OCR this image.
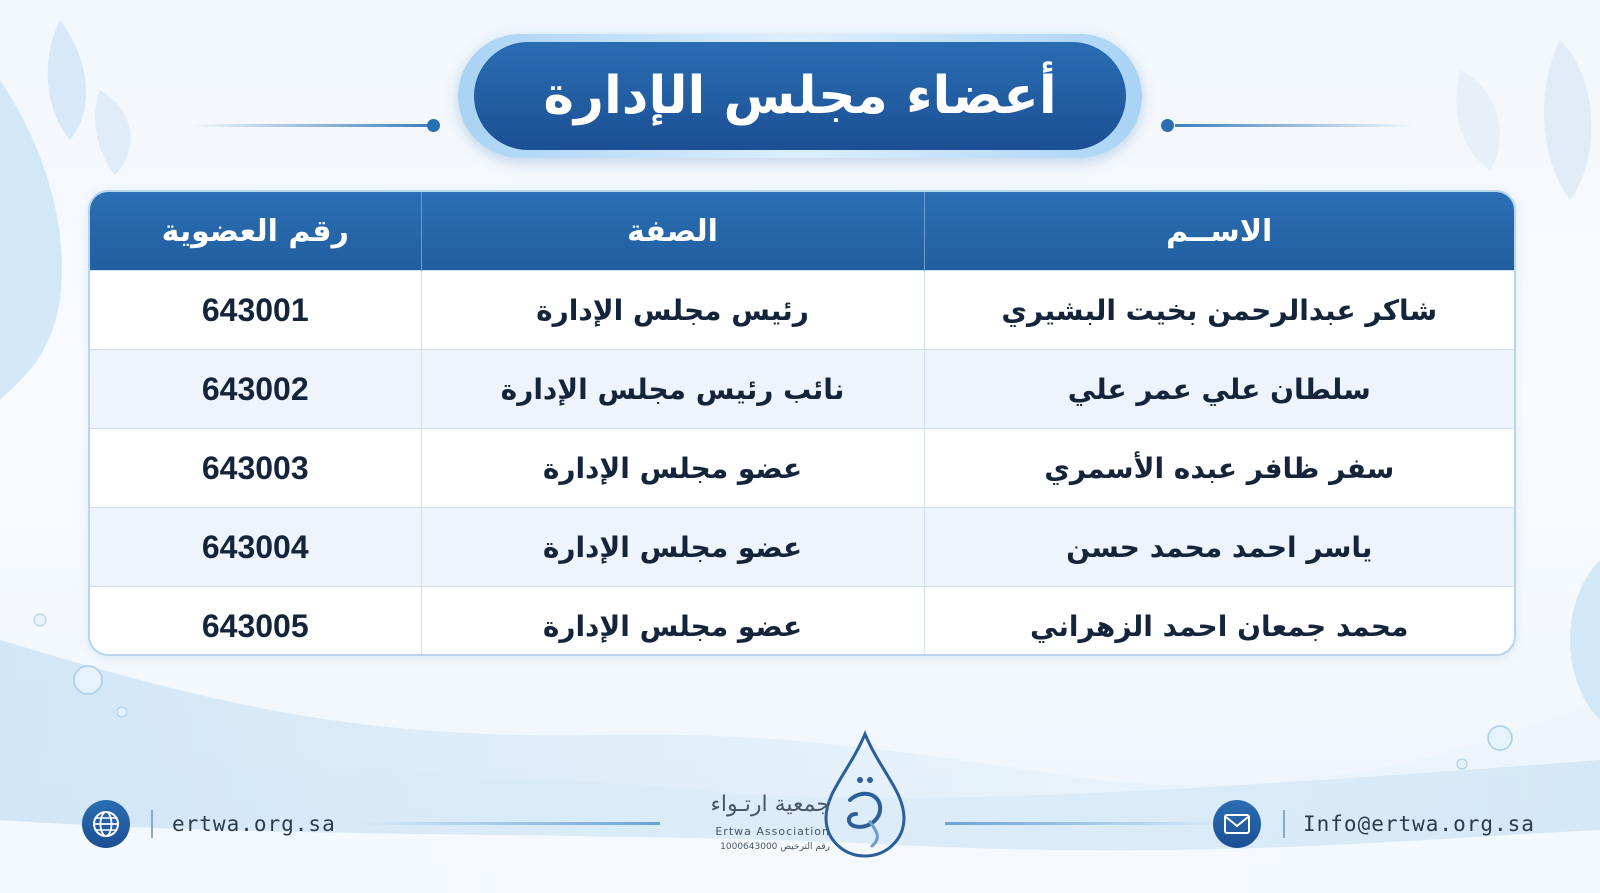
أعضاء مجلس الإدارة
الاســم	الصفة	رقم العضوية
شاكر عبدالرحمن بخيت البشيري	رئيس مجلس الإدارة	643001
سلطان علي عمر علي	نائب رئيس مجلس الإدارة	643002
سفر ظافر عبده الأسمري	عضو مجلس الإدارة	643003
ياسر احمد محمد حسن	عضو مجلس الإدارة	643004
محمد جمعان احمد الزهراني	عضو مجلس الإدارة	643005
ertwa.org.sa
جمعية ارتـواء
Ertwa Association
رقم الترخيص 1000643000
Info@ertwa.org.sa
